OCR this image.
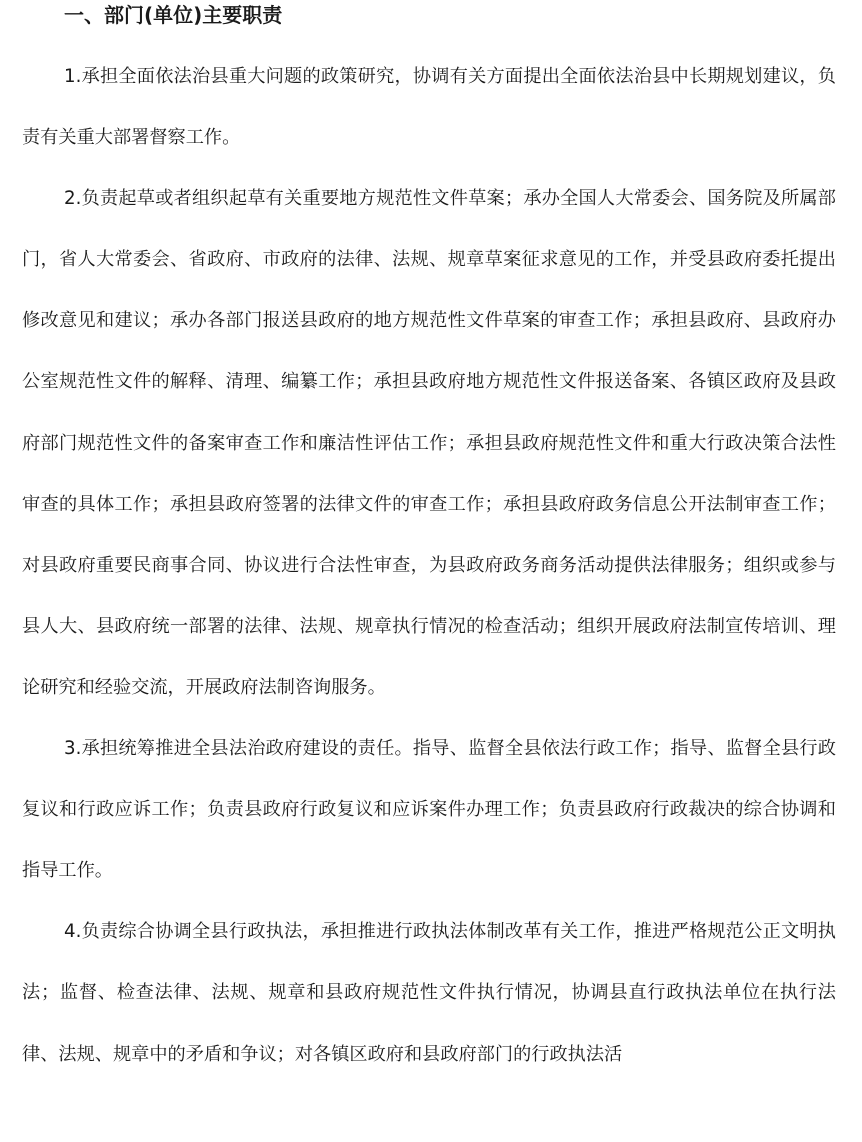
一、部门(单位)主要职责

1.承担全面依法治县重大问题的政策研究，协调有关方面提出全面依法治县中长期规划建议，负责有关重大部署督察工作。

2.负责起草或者组织起草有关重要地方规范性文件草案；承办全国人大常委会、国务院及所属部门，省人大常委会、省政府、市政府的法律、法规、规章草案征求意见的工作，并受县政府委托提出修改意见和建议；承办各部门报送县政府的地方规范性文件草案的审查工作；承担县政府、县政府办公室规范性文件的解释、清理、编纂工作；承担县政府地方规范性文件报送备案、各镇区政府及县政府部门规范性文件的备案审查工作和廉洁性评估工作；承担县政府规范性文件和重大行政决策合法性审查的具体工作；承担县政府签署的法律文件的审查工作；承担县政府政务信息公开法制审查工作；对县政府重要民商事合同、协议进行合法性审查，为县政府政务商务活动提供法律服务；组织或参与县人大、县政府统一部署的法律、法规、规章执行情况的检查活动；组织开展政府法制宣传培训、理论研究和经验交流，开展政府法制咨询服务。

3.承担统筹推进全县法治政府建设的责任。指导、监督全县依法行政工作；指导、监督全县行政复议和行政应诉工作；负责县政府行政复议和应诉案件办理工作；负责县政府行政裁决的综合协调和指导工作。

4.负责综合协调全县行政执法，承担推进行政执法体制改革有关工作，推进严格规范公正文明执法；监督、检查法律、法规、规章和县政府规范性文件执行情况，协调县直行政执法单位在执行法律、法规、规章中的矛盾和争议；对各镇区政府和县政府部门的行政执法活
